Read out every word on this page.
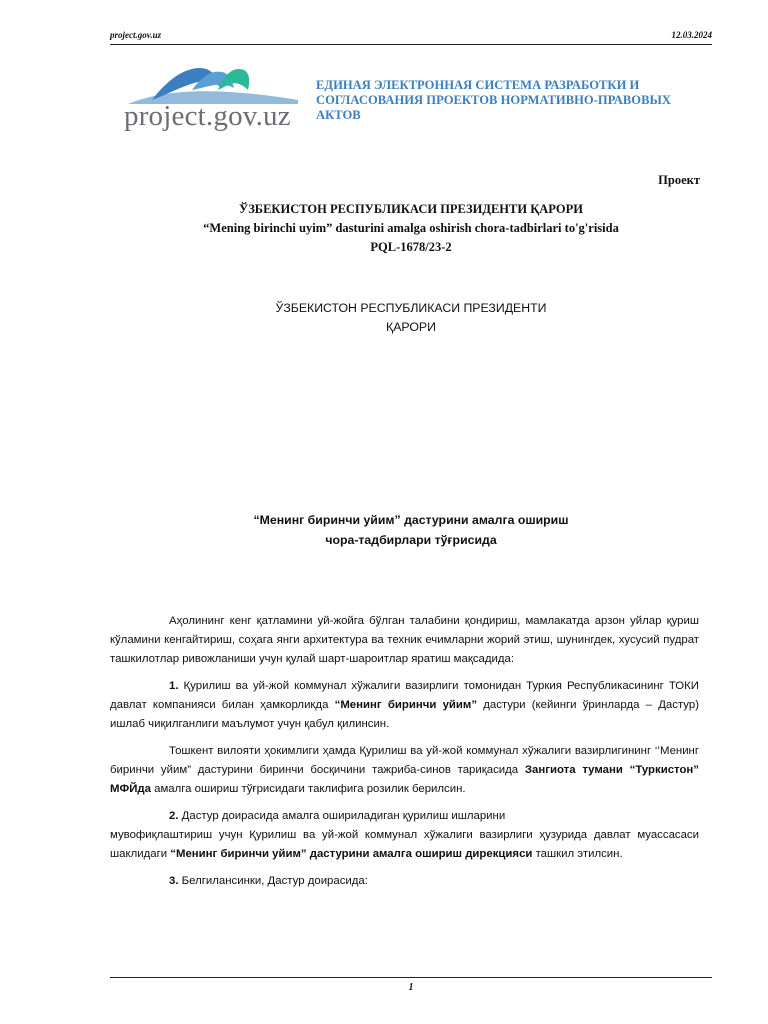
project.gov.uz	12.03.2024
project.gov.uz
ЕДИНАЯ ЭЛЕКТРОННАЯ СИСТЕМА РАЗРАБОТКИ И СОГЛАСОВАНИЯ ПРОЕКТОВ НОРМАТИВНО-ПРАВОВЫХ АКТОВ
Проект
ЎЗБЕКИСТОН РЕСПУБЛИКАСИ ПРЕЗИДЕНТИ ҚАРОРИ
“Mening birinchi uyim” dasturini amalga oshirish chora-tadbirlari to'g'risida
PQL-1678/23-2
ЎЗБЕКИСТОН РЕСПУБЛИКАСИ ПРЕЗИДЕНТИ
ҚАРОРИ
“Менинг биринчи уйим” дастурини амалга ошириш
чора-тадбирлари тўғрисида

Аҳолининг кенг қатламини уй-жойга бўлган талабини қондириш, мамлакатда арзон уйлар қуриш кўламини кенгайтириш, соҳага янги архитектура ва техник ечимларни жорий этиш, шунингдек, хусусий пудрат ташкилотлар ривожланиши учун қулай шарт-шароитлар яратиш мақсадида:

1. Қурилиш ва уй-жой коммунал хўжалиги вазирлиги томонидан Туркия Республикасининг ТОКИ давлат компанияси билан ҳамкорликда “Менинг биринчи уйим” дастури (кейинги ўринларда – Дастур) ишлаб чиқилганлиги маълумот учун қабул қилинсин.

Тошкент вилояти ҳокимлиги ҳамда Қурилиш ва уй-жой коммунал хўжалиги вазирлигининг ‘’Менинг биринчи уйим” дастурини биринчи босқичини тажриба-синов тариқасида Зангиота тумани “Туркистон” МФЙда амалга ошириш тўғрисидаги таклифига розилик берилсин.

2. Дастур доирасида амалга ошириладиган қурилиш ишларини

мувофиқлаштириш учун Қурилиш ва уй-жой коммунал хўжалиги вазирлиги ҳузурида давлат муассасаси шаклидаги “Менинг биринчи уйим” дастурини амалга ошириш дирекцияси ташкил этилсин.

3. Белгилансинки, Дастур доирасида:

1
